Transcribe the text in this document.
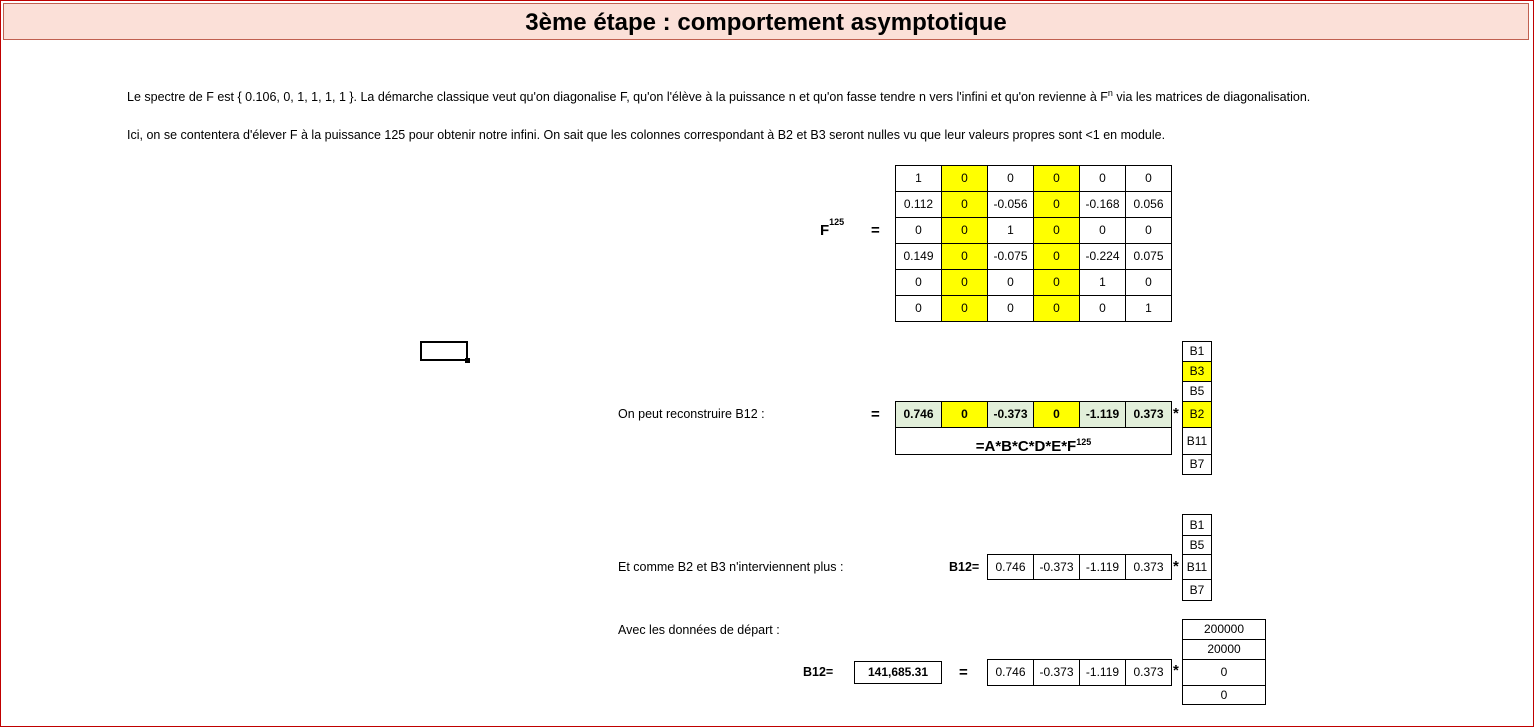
3ème étape : comportement asymptotique
Le spectre de F est { 0.106, 0, 1, 1, 1, 1 }. La démarche classique veut qu'on diagonalise F, qu'on l'élève à la puissance n et qu'on fasse tendre n vers l'infini et qu'on revienne à $F^n$ via les matrices de diagonalisation.
Ici, on se contentera d'élever F à la puissance 125 pour obtenir notre infini. On sait que les colonnes correspondant à B2 et B3 seront nulles vu que leur valeurs propres sont <1 en module.
$F^{125}$ =
1	0	0	0	0	0
0.112	0	-0.056	0	-0.168	0.056
0	0	1	0	0	0
0.149	0	-0.075	0	-0.224	0.075
0	0	0	0	1	0
0	0	0	0	0	1
On peut reconstruire B12 :	=	0.746	0	-0.373	0	-1.119	0.373
$=A*B*C*D*E*F^{125}$
*
B1
B3
B5
B2
B11
B7
Et comme B2 et B3 n'interviennent plus :	B12=	0.746	-0.373	-1.119	0.373 *
B1
B5
B11
B7
Avec les données de départ :
B12=	141,685.31	=	0.746	-0.373	-1.119	0.373 *
200000
20000
0
0
